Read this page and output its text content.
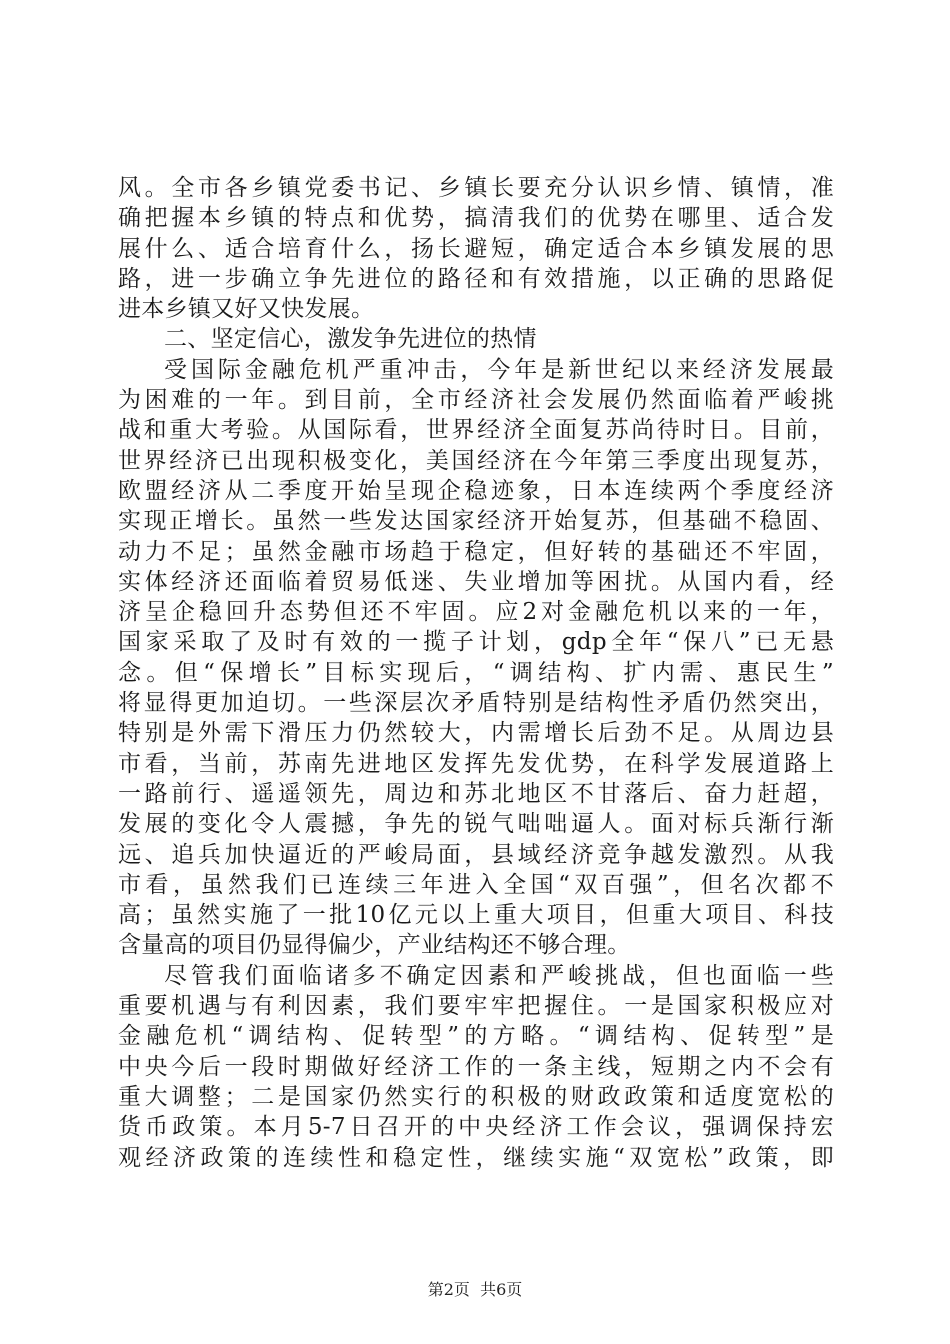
风。全市各乡镇党委书记、乡镇长要充分认识乡情、镇情，准
确把握本乡镇的特点和优势，搞清我们的优势在哪里、适合发
展什么、适合培育什么，扬长避短，确定适合本乡镇发展的思
路，进一步确立争先进位的路径和有效措施，以正确的思路促
进本乡镇又好又快发展。
二、坚定信心，激发争先进位的热情
受国际金融危机严重冲击，今年是新世纪以来经济发展最
为困难的一年。到目前，全市经济社会发展仍然面临着严峻挑
战和重大考验。从国际看，世界经济全面复苏尚待时日。目前，
世界经济已出现积极变化，美国经济在今年第三季度出现复苏，
欧盟经济从二季度开始呈现企稳迹象，日本连续两个季度经济
实现正增长。虽然一些发达国家经济开始复苏，但基础不稳固、
动力不足；虽然金融市场趋于稳定，但好转的基础还不牢固，
实体经济还面临着贸易低迷、失业增加等困扰。从国内看，经
济呈企稳回升态势但还不牢固。应2对金融危机以来的一年，
国家采取了及时有效的一揽子计划，gdp全年“保八”已无悬
念。但“保增长”目标实现后，“调结构、扩内需、惠民生”
将显得更加迫切。一些深层次矛盾特别是结构性矛盾仍然突出，
特别是外需下滑压力仍然较大，内需增长后劲不足。从周边县
市看，当前，苏南先进地区发挥先发优势，在科学发展道路上
一路前行、遥遥领先，周边和苏北地区不甘落后、奋力赶超，
发展的变化令人震撼，争先的锐气咄咄逼人。面对标兵渐行渐
远、追兵加快逼近的严峻局面，县域经济竞争越发激烈。从我
市看，虽然我们已连续三年进入全国“双百强”，但名次都不
高；虽然实施了一批10亿元以上重大项目，但重大项目、科技
含量高的项目仍显得偏少，产业结构还不够合理。
尽管我们面临诸多不确定因素和严峻挑战，但也面临一些
重要机遇与有利因素，我们要牢牢把握住。一是国家积极应对
金融危机“调结构、促转型”的方略。“调结构、促转型”是
中央今后一段时期做好经济工作的一条主线，短期之内不会有
重大调整；二是国家仍然实行的积极的财政政策和适度宽松的
货币政策。本月5-7日召开的中央经济工作会议，强调保持宏
观经济政策的连续性和稳定性，继续实施“双宽松”政策，即
第2页  共6页
